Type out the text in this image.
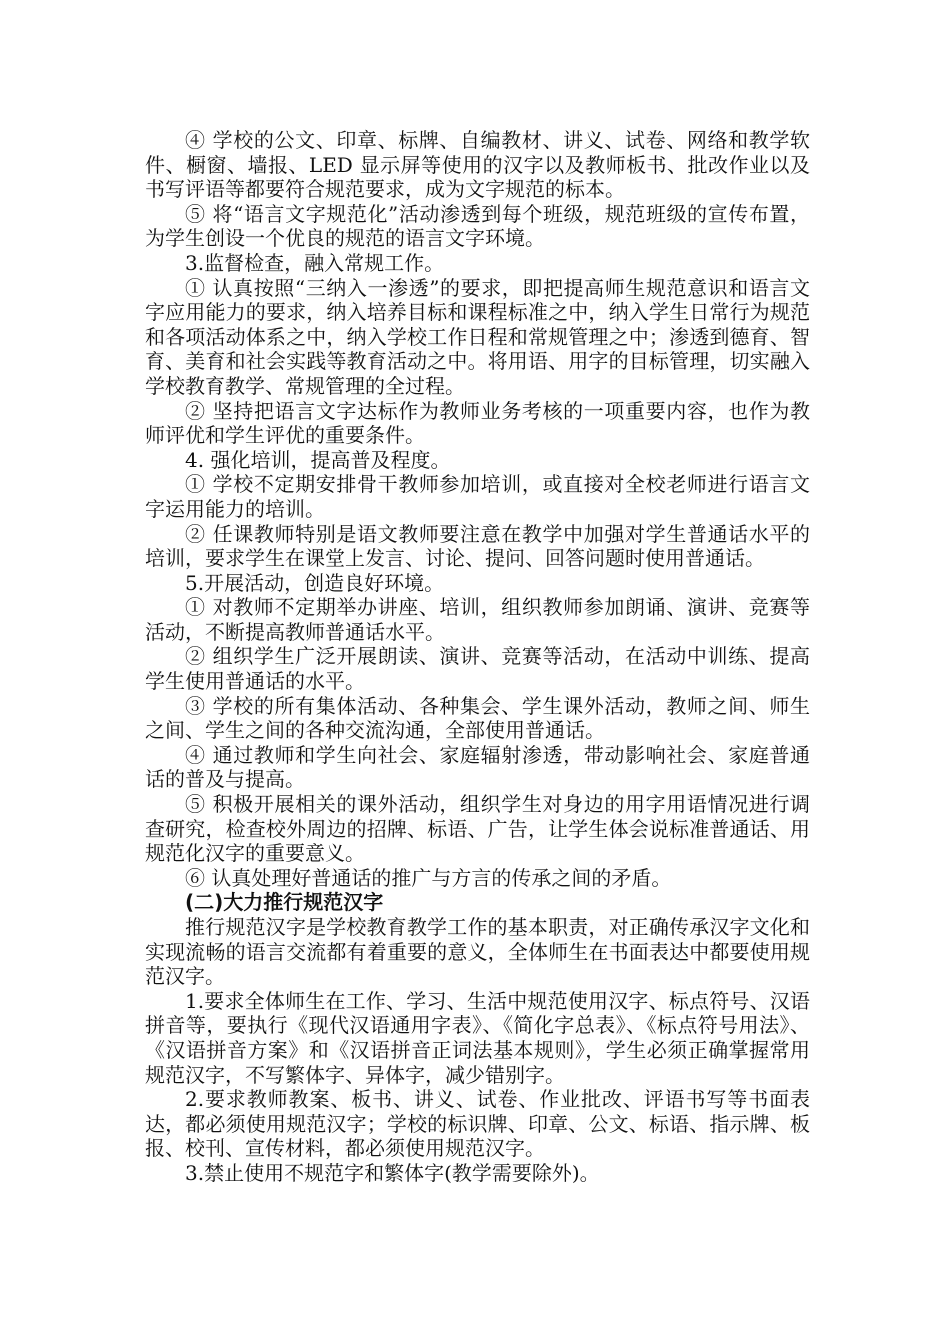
④ 学校的公文、印章、标牌、自编教材、讲义、试卷、网络和教学软件、橱窗、墙报、LED 显示屏等使用的汉字以及教师板书、批改作业以及书写评语等都要符合规范要求，成为文字规范的标本。

⑤ 将“语言文字规范化”活动渗透到每个班级，规范班级的宣传布置，为学生创设一个优良的规范的语言文字环境。

3.监督检查，融入常规工作。

① 认真按照“三纳入一渗透”的要求，即把提高师生规范意识和语言文字应用能力的要求，纳入培养目标和课程标准之中，纳入学生日常行为规范和各项活动体系之中，纳入学校工作日程和常规管理之中；渗透到德育、智育、美育和社会实践等教育活动之中。将用语、用字的目标管理，切实融入学校教育教学、常规管理的全过程。

② 坚持把语言文字达标作为教师业务考核的一项重要内容，也作为教师评优和学生评优的重要条件。

4. 强化培训，提高普及程度。

① 学校不定期安排骨干教师参加培训，或直接对全校老师进行语言文字运用能力的培训。

② 任课教师特别是语文教师要注意在教学中加强对学生普通话水平的培训，要求学生在课堂上发言、讨论、提问、回答问题时使用普通话。

5.开展活动，创造良好环境。

① 对教师不定期举办讲座、培训，组织教师参加朗诵、演讲、竞赛等活动，不断提高教师普通话水平。

② 组织学生广泛开展朗读、演讲、竞赛等活动，在活动中训练、提高学生使用普通话的水平。

③ 学校的所有集体活动、各种集会、学生课外活动，教师之间、师生之间、学生之间的各种交流沟通，全部使用普通话。

④ 通过教师和学生向社会、家庭辐射渗透，带动影响社会、家庭普通话的普及与提高。

⑤ 积极开展相关的课外活动，组织学生对身边的用字用语情况进行调查研究，检查校外周边的招牌、标语、广告，让学生体会说标准普通话、用规范化汉字的重要意义。

⑥ 认真处理好普通话的推广与方言的传承之间的矛盾。

(二)大力推行规范汉字

推行规范汉字是学校教育教学工作的基本职责，对正确传承汉字文化和实现流畅的语言交流都有着重要的意义，全体师生在书面表达中都要使用规范汉字。

1.要求全体师生在工作、学习、生活中规范使用汉字、标点符号、汉语拼音等，要执行《现代汉语通用字表》、《简化字总表》、《标点符号用法》、《汉语拼音方案》和《汉语拼音正词法基本规则》，学生必须正确掌握常用规范汉字，不写繁体字、异体字，减少错别字。

2.要求教师教案、板书、讲义、试卷、作业批改、评语书写等书面表达，都必须使用规范汉字；学校的标识牌、印章、公文、标语、指示牌、板报、校刊、宣传材料，都必须使用规范汉字。

3.禁止使用不规范字和繁体字(教学需要除外)。
